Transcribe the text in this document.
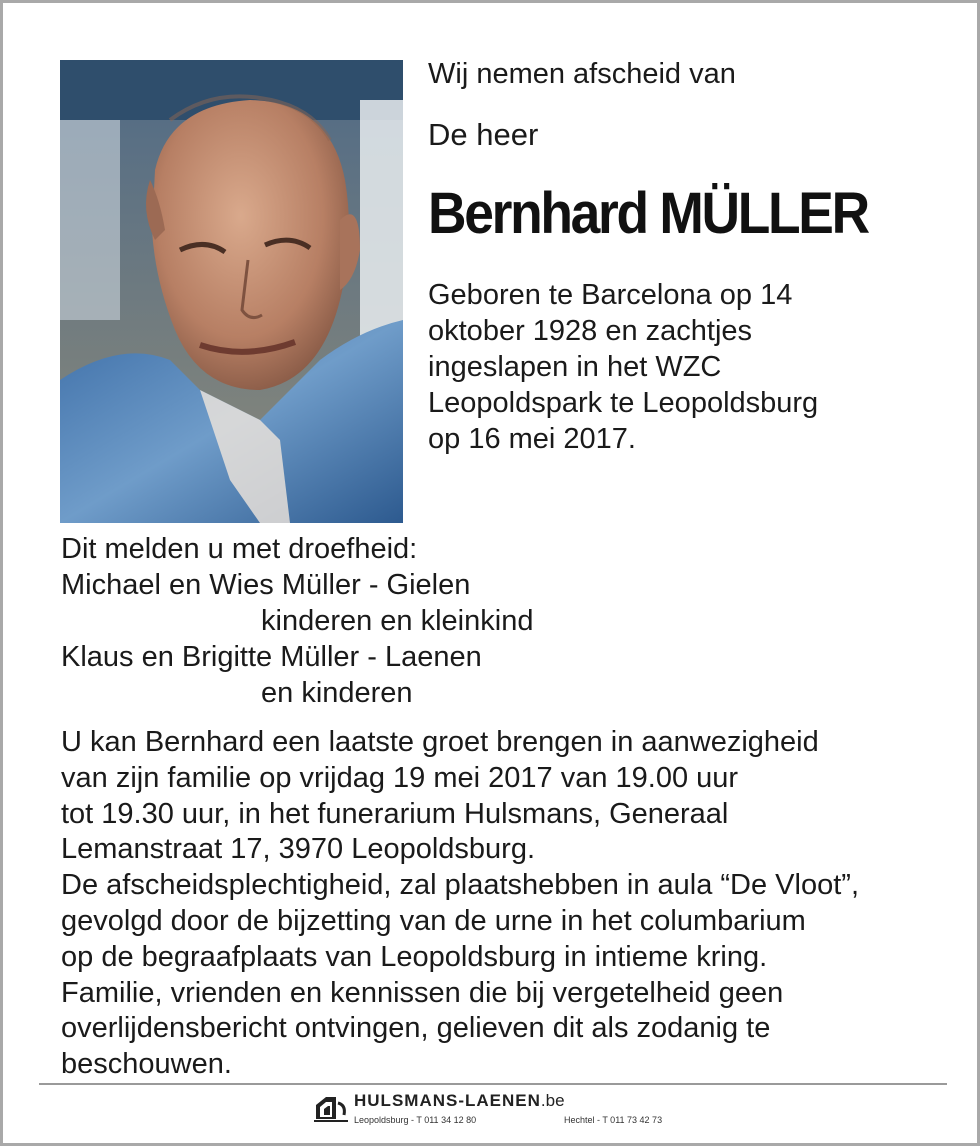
Wij nemen afscheid van

De heer

Bernhard MÜLLER

Geboren te Barcelona op 14
oktober 1928 en zachtjes
ingeslapen in het WZC
Leopoldspark te Leopoldsburg
op 16 mei 2017.

Dit melden u met droefheid:
Michael en Wies Müller - Gielen
kinderen en kleinkind
Klaus en Brigitte Müller - Laenen
en kinderen
U kan Bernhard een laatste groet brengen in aanwezigheid
van zijn familie op vrijdag 19 mei 2017 van 19.00 uur
tot 19.30 uur, in het funerarium Hulsmans, Generaal
Lemanstraat 17, 3970 Leopoldsburg.
De afscheidsplechtigheid, zal plaatshebben in aula “De Vloot”,
gevolgd door de bijzetting van de urne in het columbarium
op de begraafplaats van Leopoldsburg in intieme kring.
Familie, vrienden en kennissen die bij vergetelheid geen
overlijdensbericht ontvingen, gelieven dit als zodanig te
beschouwen.
HULSMANS-LAENEN.be
Leopoldsburg - T 011 34 12 80	Hechtel - T 011 73 42 73
